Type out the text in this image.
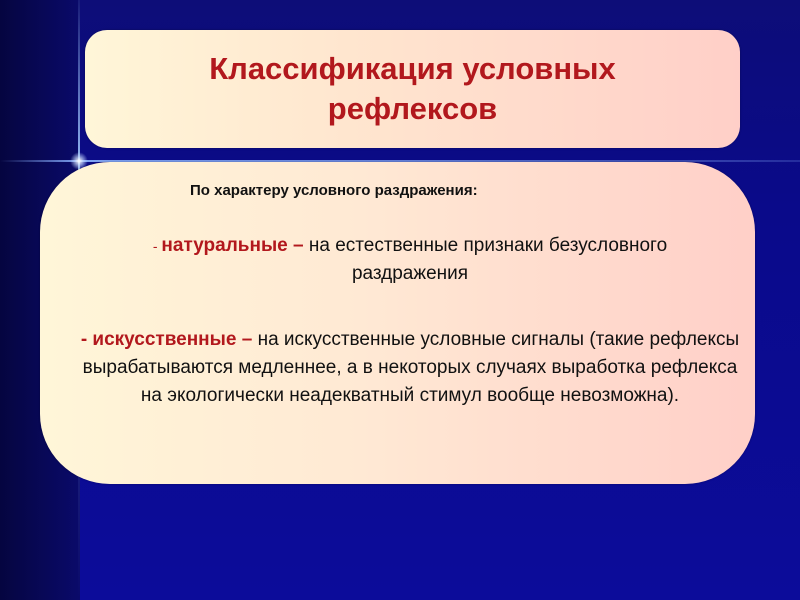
Классификация условных рефлексов

По характеру условного раздражения:

- натуральные – на естественные признаки безусловного раздражения

- искусственные – на искусственные условные сигналы (такие рефлексы вырабатываются медленнее, а в некоторых случаях выработка рефлекса на экологически неадекватный стимул вообще невозможна).
